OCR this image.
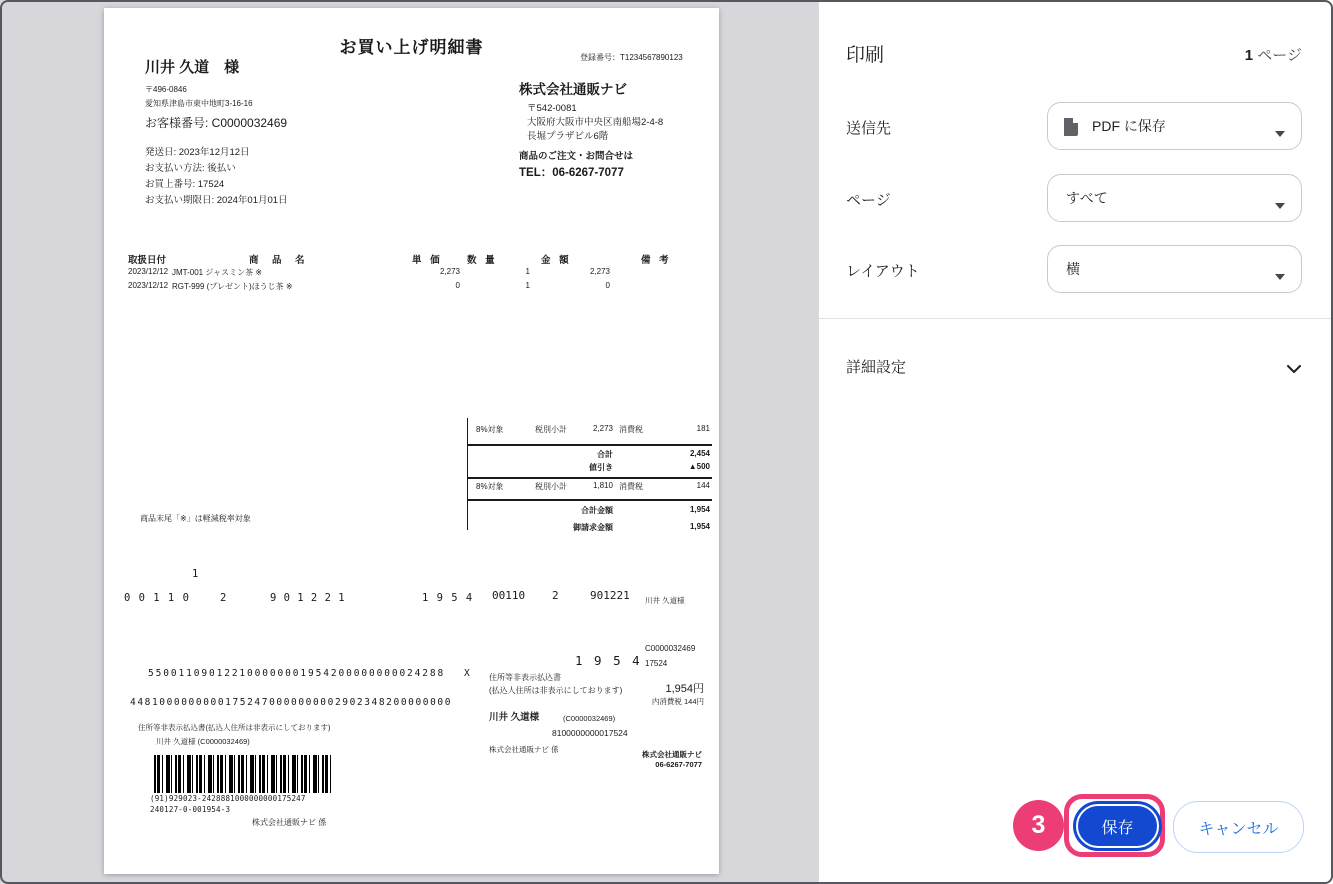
お買い上げ明細書
登録番号：T1234567890123
川井 久道　様
〒496-0846
愛知県津島市東中地町3-16-16
お客様番号: C0000032469
発送日: 2023年12月12日
お支払い方法: 後払い
お買上番号: 17524
お支払い期限日: 2024年01月01日
株式会社通販ナビ
〒542-0081
大阪府大阪市中央区南船場2-4-8
長堀プラザビル6階
商品のご注文・お問合せは
TEL：06-6267-7077
取扱日付	商　品　名	単 価	数 量	金 額	備 考
2023/12/12 JMT-001 ジャスミン茶 ※	2,273	1	2,273
2023/12/12 RGT-999 (プレゼント)ほうじ茶 ※	0	1	0
8%対象	税別小計	2,273 消費税	181
合計	2,454
値引き	▲500
8%対象	税別小計	1,810 消費税	144
合計金額	1,954
御請求金額	1,954
商品末尾「※」は軽減税率対象
1
0 0 1 1 0	2	9 0 1 2 2 1	1 9 5 4 00110 2	901221 川井 久道様
1 9 5 4
C0000032469
17524
550011090122100000001954200000000024288 X
44810000000001752470000000002902348200000000
住所等非表示払込書
(払込人住所は非表示にしております)	1,954円
内消費税 144円
住所等非表示払込書(払込人住所は非表示にしております)
川井 久道様 (C0000032469)
川井 久道様	(C0000032469)
8100000000017524
株式会社通販ナビ 係
(91)929023-2428881000000000175247
240127-0-001954-3
株式会社通販ナビ 係
株式会社通販ナビ
06-6267-7077
印刷	1 ページ
送信先	PDF に保存
ページ	すべて
レイアウト	横
詳細設定
保存
3	キャンセル
